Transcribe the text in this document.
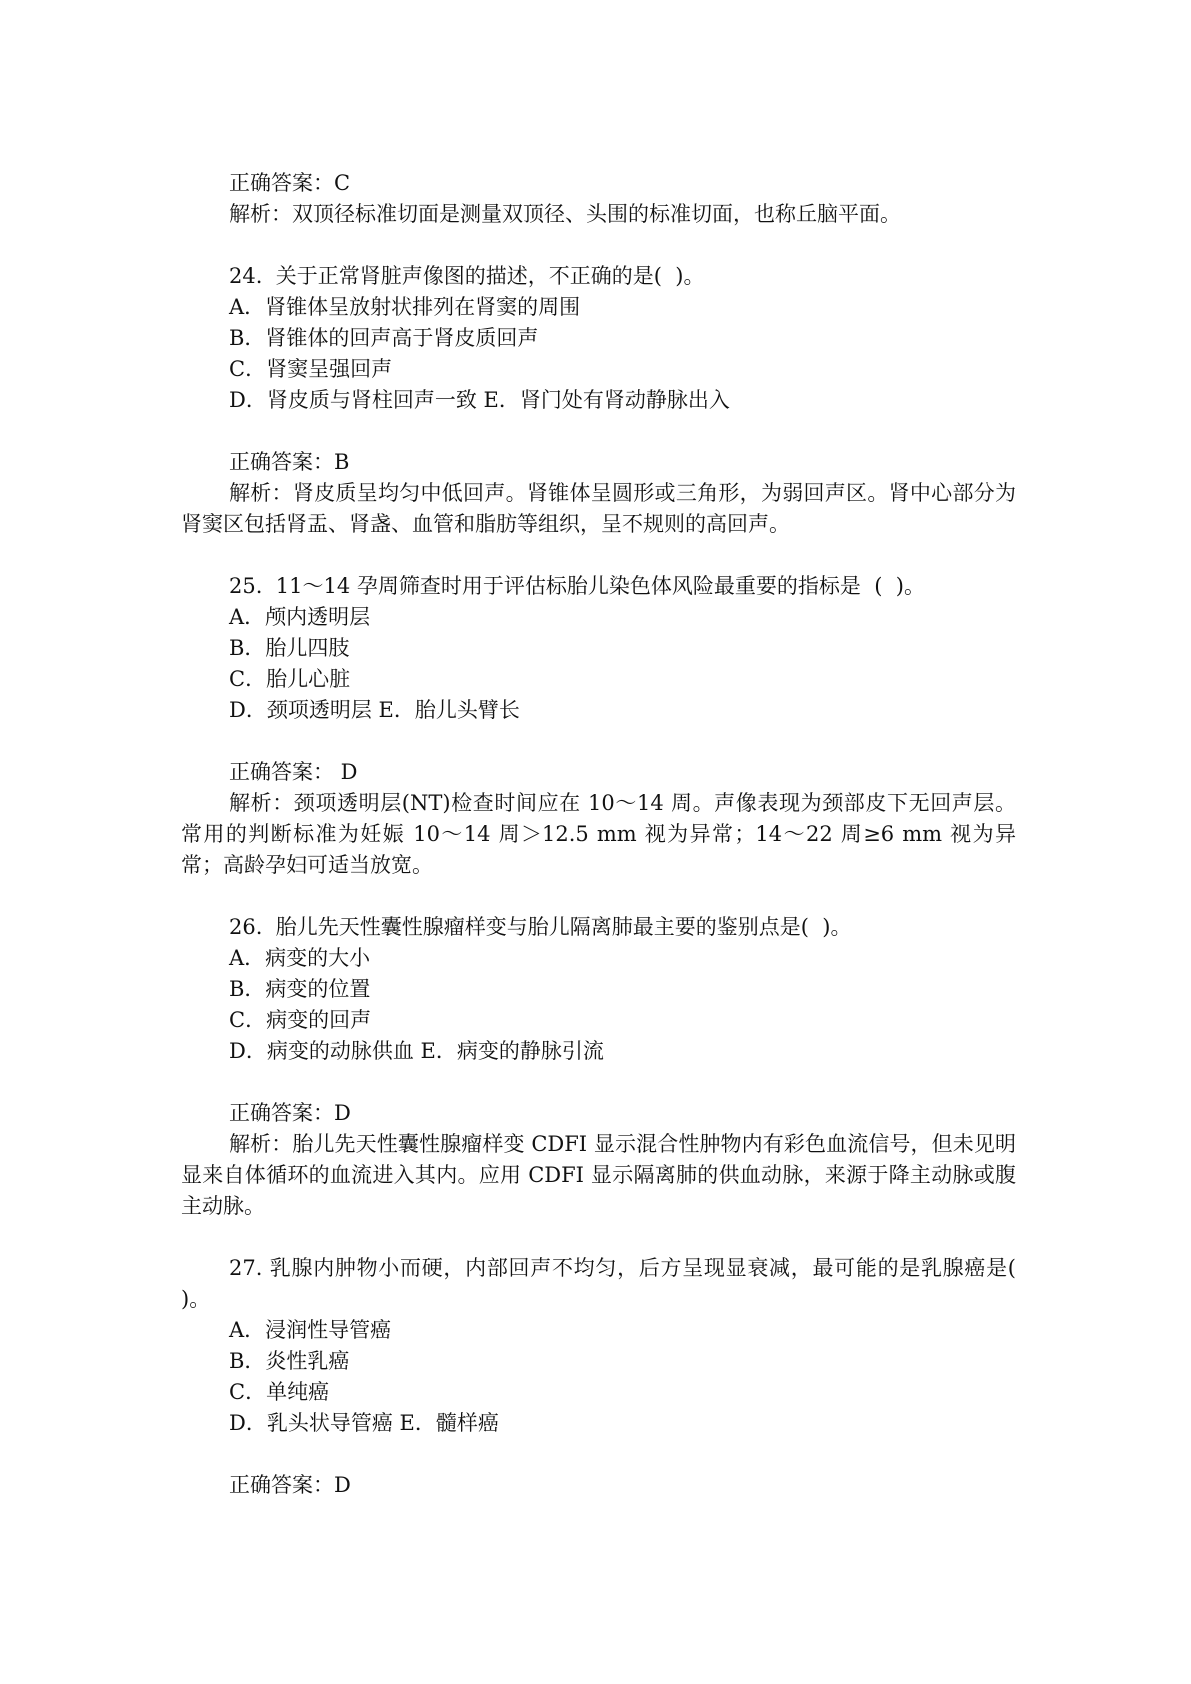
正确答案：C
解析：双顶径标准切面是测量双顶径、头围的标准切面，也称丘脑平面。
24.  关于正常肾脏声像图的描述，不正确的是(  )。
A．肾锥体呈放射状排列在肾窦的周围
B．肾锥体的回声高于肾皮质回声
C．肾窦呈强回声
D．肾皮质与肾柱回声一致 E．肾门处有肾动静脉出入
正确答案：B
解析：肾皮质呈均匀中低回声。肾锥体呈圆形或三角形，为弱回声区。肾中心部分为肾窦区包括肾盂、肾盏、血管和脂肪等组织，呈不规则的高回声。
25.  11～14 孕周筛查时用于评估标胎儿染色体风险最重要的指标是  (  )。
A．颅内透明层
B．胎儿四肢
C．胎儿心脏
D．颈项透明层 E．胎儿头臂长
正确答案： D
解析：颈项透明层(NT)检查时间应在 10～14 周。声像表现为颈部皮下无回声层。常用的判断标准为妊娠 10～14 周＞12.5 mm 视为异常；14～22 周≥6 mm 视为异常；高龄孕妇可适当放宽。
26.  胎儿先天性囊性腺瘤样变与胎儿隔离肺最主要的鉴别点是(  )。
A．病变的大小
B．病变的位置
C．病变的回声
D．病变的动脉供血 E．病变的静脉引流
正确答案：D
解析：胎儿先天性囊性腺瘤样变 CDFI 显示混合性肿物内有彩色血流信号，但未见明显来自体循环的血流进入其内。应用 CDFI 显示隔离肺的供血动脉，来源于降主动脉或腹主动脉。
27. 乳腺内肿物小而硬，内部回声不均匀，后方呈现显衰减，最可能的是乳腺癌是( )。
A．浸润性导管癌
B．炎性乳癌
C．单纯癌
D．乳头状导管癌 E．髓样癌
正确答案：D
